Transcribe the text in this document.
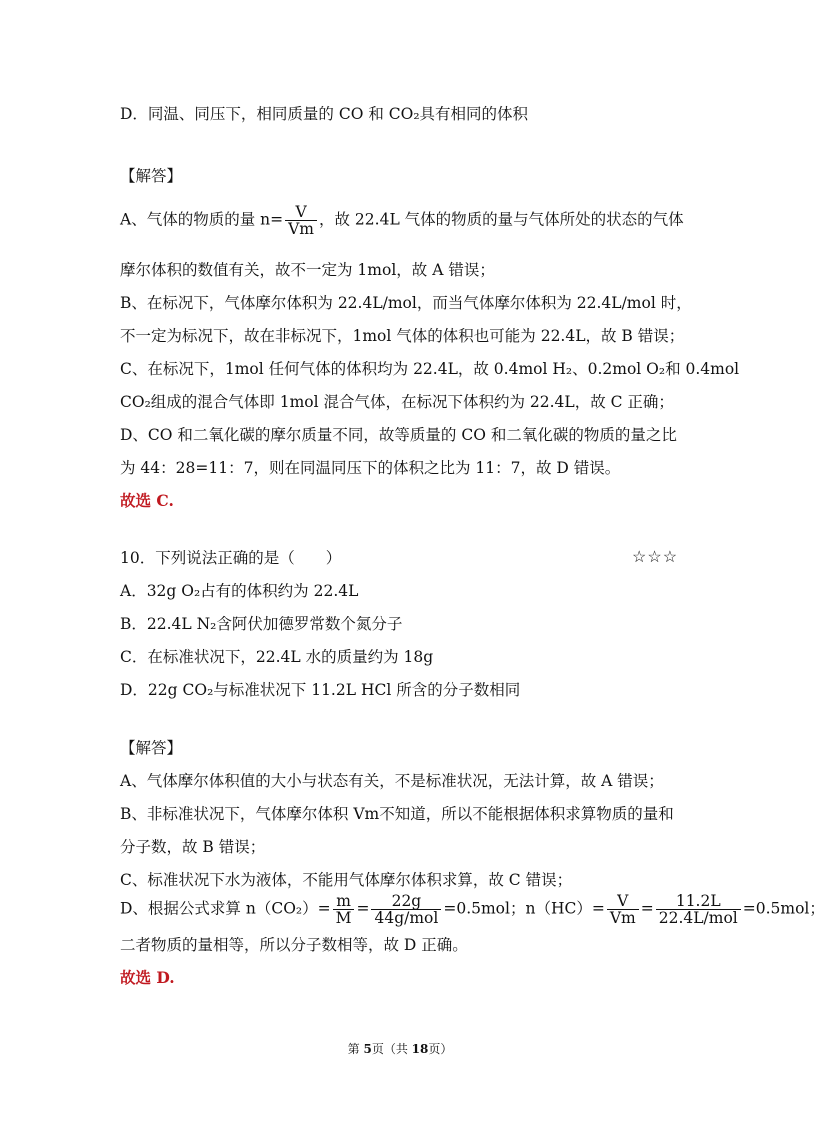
D．同温、同压下，相同质量的 CO 和 CO₂具有相同的体积
【解答】
A、气体的物质的量 $n= \frac{V}{Vm}$ ，故 22.4L 气体的物质的量与气体所处的状态的气体
摩尔体积的数值有关，故不一定为 1mol，故 A 错误；
B、在标况下，气体摩尔体积为 22.4L/mol，而当气体摩尔体积为 22.4L/mol 时，
不一定为标况下，故在非标况下，1mol 气体的体积也可能为 22.4L，故 B 错误；
C、在标况下，1mol 任何气体的体积均为 22.4L，故 0.4mol H₂、0.2mol O₂和 0.4mol
CO₂组成的混合气体即 1mol 混合气体，在标况下体积约为 22.4L，故 C 正确；
D、CO 和二氧化碳的摩尔质量不同，故等质量的 CO 和二氧化碳的物质的量之比
为 44：28=11：7，则在同温同压下的体积之比为 11：7，故 D 错误。
故选 C.
10．下列说法正确的是（　　）	☆☆☆
A．32g O₂占有的体积约为 22.4L
B．22.4L N₂含阿伏加德罗常数个氮分子
C．在标准状况下，22.4L 水的质量约为 18g
D．22g CO₂与标准状况下 11.2L HCl 所含的分子数相同
【解答】
A、气体摩尔体积值的大小与状态有关，不是标准状况，无法计算，故 A 错误；
B、非标准状况下，气体摩尔体积 Vm不知道，所以不能根据体积求算物质的量和
分子数，故 B 错误；
C、标准状况下水为液体，不能用气体摩尔体积求算，故 C 错误；
D、根据公式求算 $n(CO_2)= \frac{m}{M} = \frac{22g}{\text{44g/mol}} =0.5mol$；$n(HC)= \frac{V}{Vm} = \frac{11.2L}{\text{22.4L/mol}} =0.5mol$；
二者物质的量相等，所以分子数相等，故 D 正确。
故选 D.
第 5页（共 18页）
